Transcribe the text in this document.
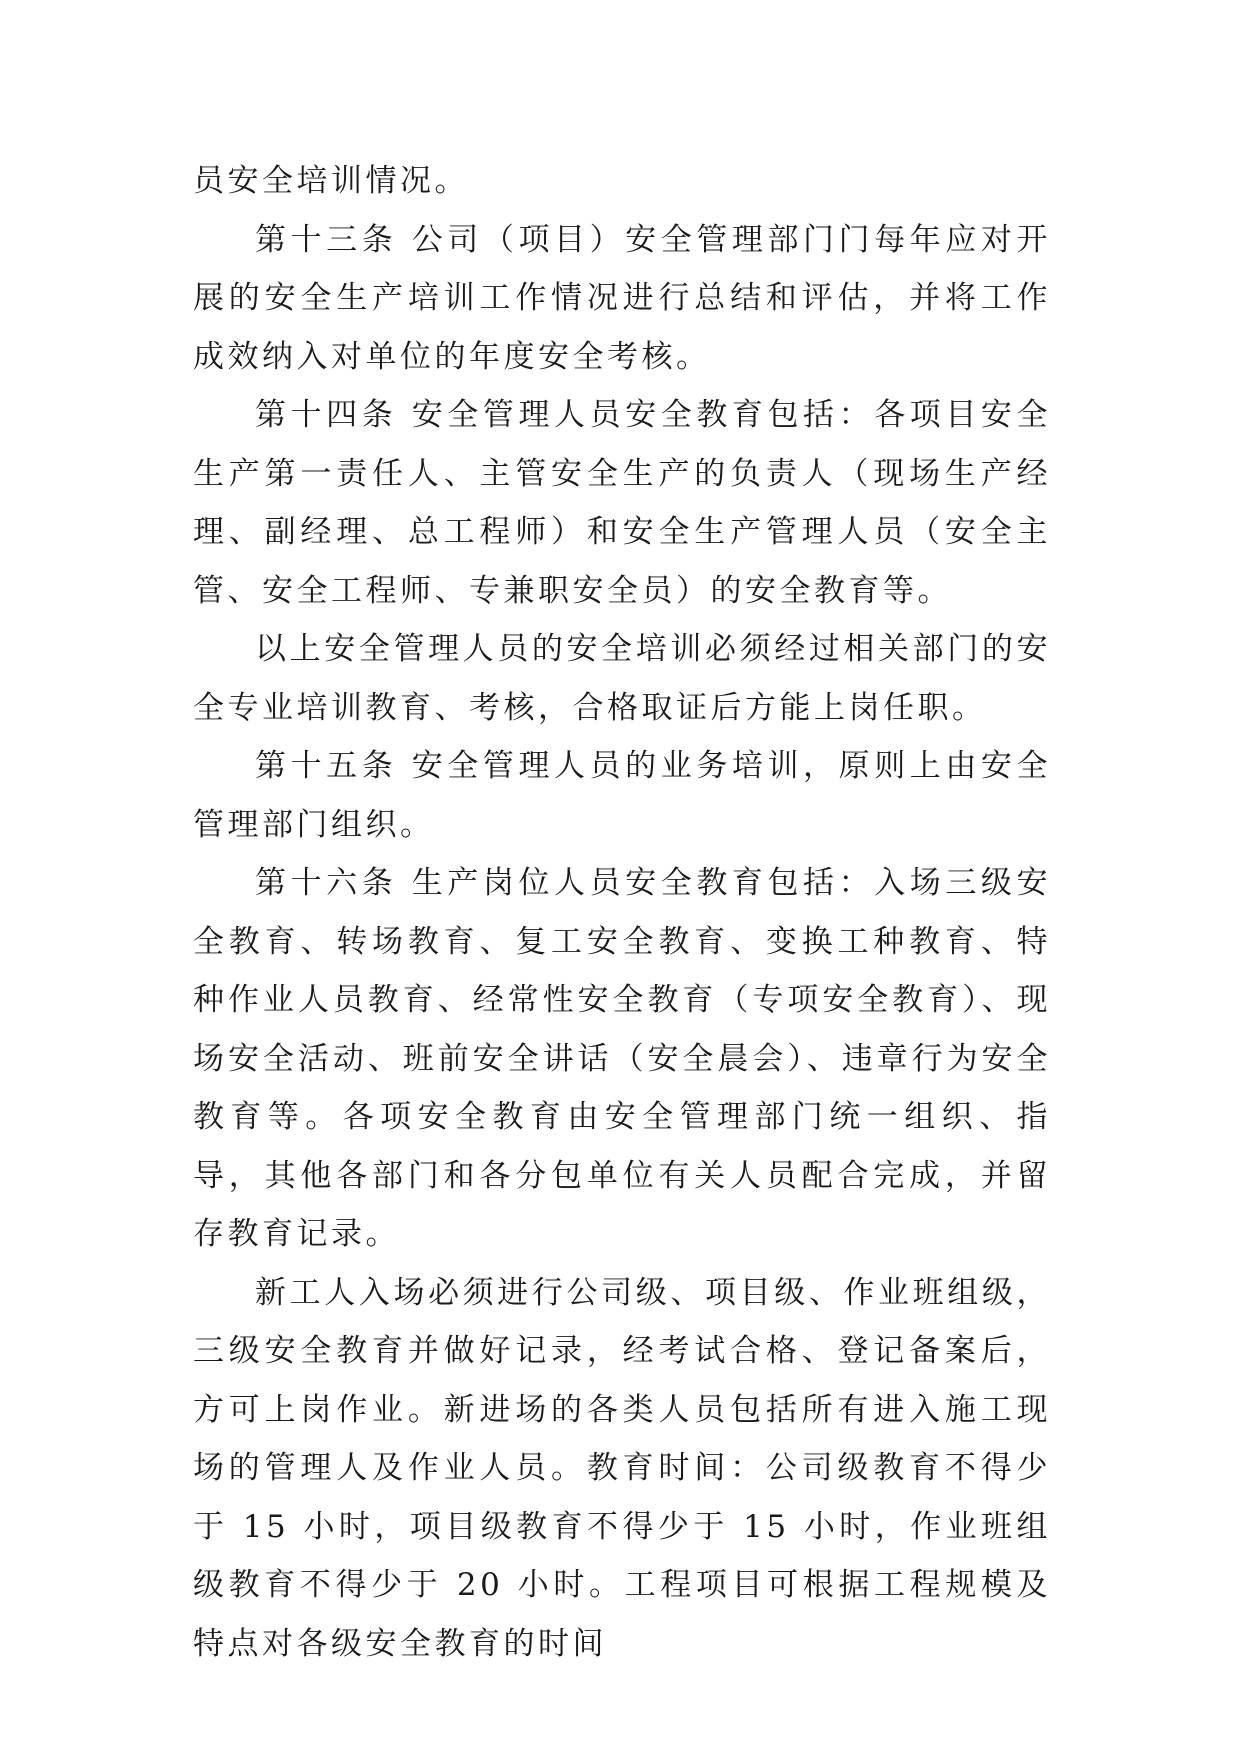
员安全培训情况。

第十三条 公司（项目）安全管理部门门每年应对开展的安全生产培训工作情况进行总结和评估，并将工作成效纳入对单位的年度安全考核。

第十四条 安全管理人员安全教育包括：各项目安全生产第一责任人、主管安全生产的负责人（现场生产经理、副经理、总工程师）和安全生产管理人员（安全主管、安全工程师、专兼职安全员）的安全教育等。

以上安全管理人员的安全培训必须经过相关部门的安全专业培训教育、考核，合格取证后方能上岗任职。

第十五条 安全管理人员的业务培训，原则上由安全管理部门组织。

第十六条 生产岗位人员安全教育包括：入场三级安全教育、转场教育、复工安全教育、变换工种教育、特种作业人员教育、经常性安全教育（专项安全教育）、现场安全活动、班前安全讲话（安全晨会）、违章行为安全教育等。各项安全教育由安全管理部门统一组织、指导，其他各部门和各分包单位有关人员配合完成，并留存教育记录。

新工人入场必须进行公司级、项目级、作业班组级，三级安全教育并做好记录，经考试合格、登记备案后，方可上岗作业。新进场的各类人员包括所有进入施工现场的管理人及作业人员。教育时间：公司级教育不得少于 15 小时，项目级教育不得少于 15 小时，作业班组级教育不得少于 20 小时。工程项目可根据工程规模及特点对各级安全教育的时间
